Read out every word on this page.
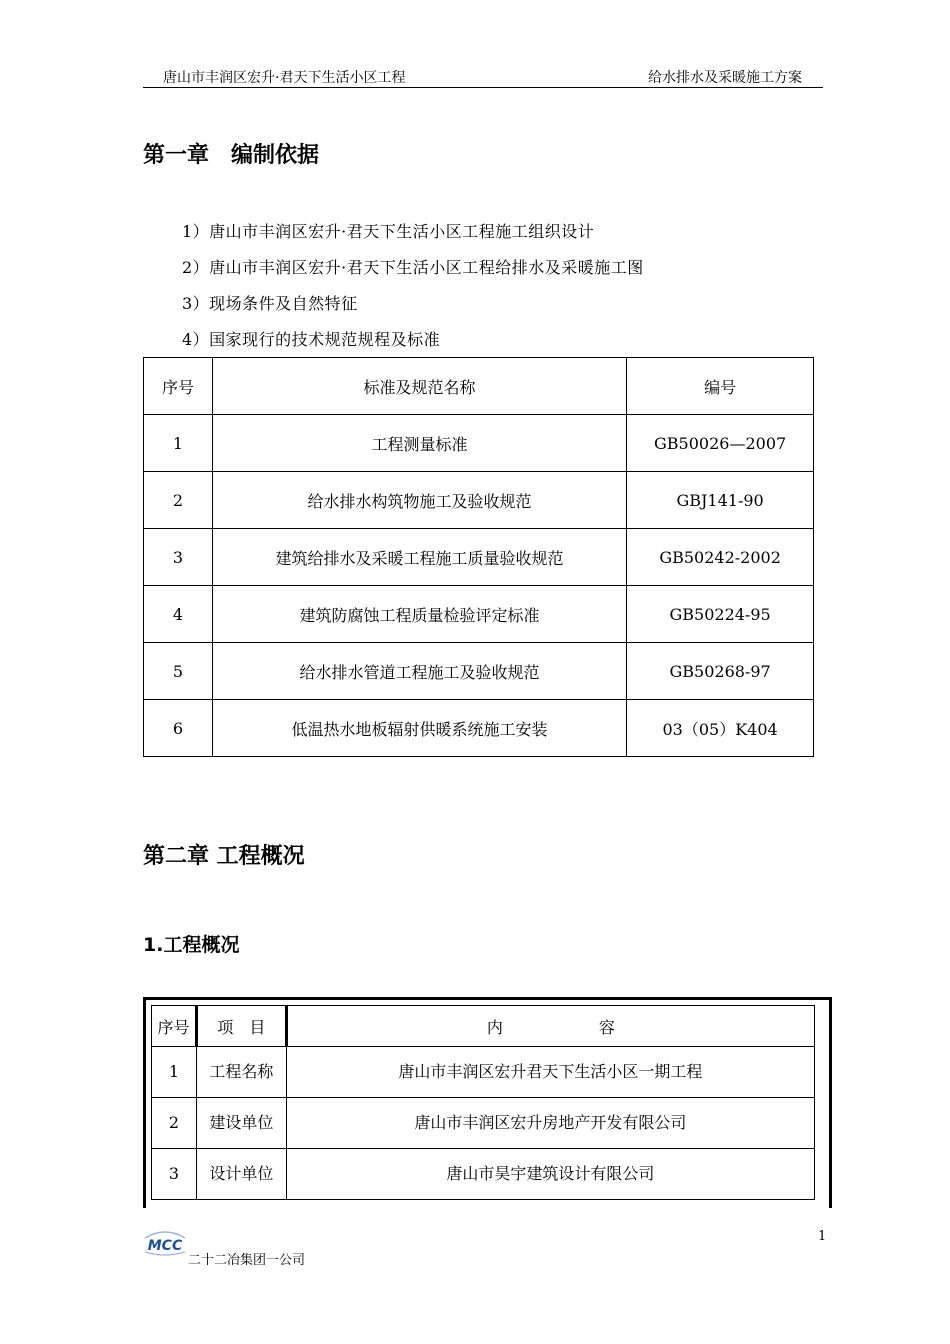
唐山市丰润区宏升·君天下生活小区工程	给水排水及采暖施工方案
第一章　编制依据
1）唐山市丰润区宏升·君天下生活小区工程施工组织设计
2）唐山市丰润区宏升·君天下生活小区工程给排水及采暖施工图
3）现场条件及自然特征
4）国家现行的技术规范规程及标准
序号	标准及规范名称	编号
1	工程测量标准	GB50026—2007
2	给水排水构筑物施工及验收规范	GBJ141-90
3	建筑给排水及采暖工程施工质量验收规范	GB50242-2002
4	建筑防腐蚀工程质量检验评定标准	GB50224-95
5	给水排水管道工程施工及验收规范	GB50268-97
6	低温热水地板辐射供暖系统施工安装	03（05）K404
第二章 工程概况
1.工程概况
序号	项　目	内　　　　　　容
1	工程名称	唐山市丰润区宏升君天下生活小区一期工程
2	建设单位	唐山市丰润区宏升房地产开发有限公司
3	设计单位	唐山市昊宇建筑设计有限公司
1
MCC
二十二冶集团一公司
